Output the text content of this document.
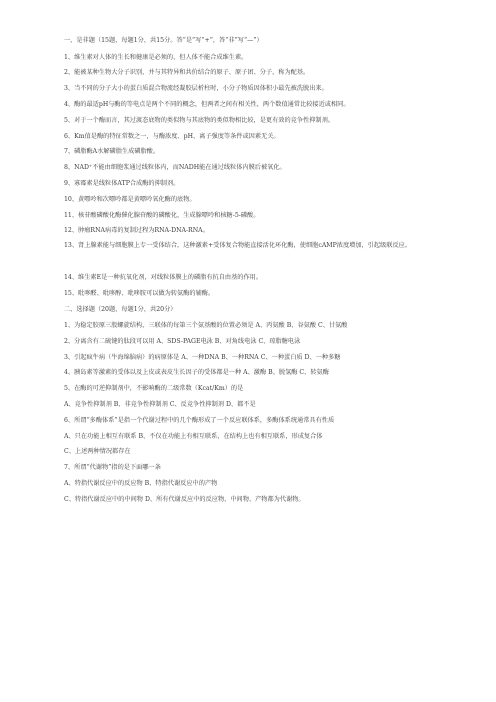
一、是非题（15题，每题1分，共15分。答“是”写“+”，答“非”写“—”）
1、维生素对人体的生长和健康是必须的，但人体不能合成维生素。
2、能被某种生物大分子识别，并与其特异和共价结合的原子、原子团、分子，称为配基。
3、当不同的分子大小的蛋白质混合物流经凝胶层析柱时，小分子物质因体积小最先被洗脱出来。
4、酶的最适pH与酶的等电点是两个不同的概念，但两者之间有相关性，两个数值通常比较接近或相同。
5、对于一个酶而言，其过渡态底物的类似物与其底物的类似物相比较，是更有效的竞争性抑制剂。
6、Km值是酶的特征常数之一，与酶浓度、pH、离子强度等条件或因素无关。
7、磷脂酶A水解磷脂生成磷脂酸。
8、NAD⁺不能由细胞浆通过线粒体内，而NADH能在通过线粒体内膜后被氧化。
9、寡霉素是线粒体ATP合成酶的抑制剂。
10、黄嘌呤和次嘌呤都是黄嘌呤氧化酶的底物。
11、核苷酸磷酸化酶催化腺苷酸的磷酸化，生成腺嘌呤和核糖-5-磷酸。
12、肿瘤RNA病毒的复制过程为RNA-DNA-RNA。
13、肾上腺素能与细胞膜上专一受体结合，这种激素+受体复合物能直接活化环化酶，使细胞cAMP浓度增加，引起级联反应。
14、维生素E是一种抗氧化剂，对线粒体膜上的磷脂有抗自由基的作用。
15、吡哆醛、吡哆醇、吡哆胺可以做为转氨酶的辅酶。
二、选择题（20题，每题1分，共20分）
1、为稳定胶原三股螺旋结构，三联体的每第三个氨基酸的位置必须是 A、丙氨酸 B、谷氨酸 C、甘氨酸
2、分离含有二硫键的肽段可以用 A、SDS-PAGE电泳 B、对角线电泳 C、琼脂糖电泳
3、引起疯牛病（牛海绵脑病）的病原体是 A、一种DNA B、一种RNA C、一种蛋白质 D、一种多糖
4、胰岛素等激素的受体以及上皮或表皮生长因子的受体都是一种 A、激酶 B、脱氢酶 C、转氨酶
5、在酶的可逆抑制剂中，不影响酶的二级常数（Kcat/Km）的是
A、竞争性抑制剂 B、非竞争性抑制剂 C、反竞争性抑制剂 D、都不是
6、所谓“多酶体系”是指一个代谢过程中的几个酶形成了一个反应联体系，多酶体系统通常具有性质
A、只在功能上相互有联系 B、不仅在功能上有相互联系，在结构上也有相互联系，形成复合体
C、上述两种情况都存在
7、所谓“代谢物”指的是下面哪一条
A、特指代谢反应中的反应物 B、特指代谢反应中的产物
C、特指代谢反应中的中间物 D、所有代谢反应中的反应物、中间物、产物都为代谢物。
